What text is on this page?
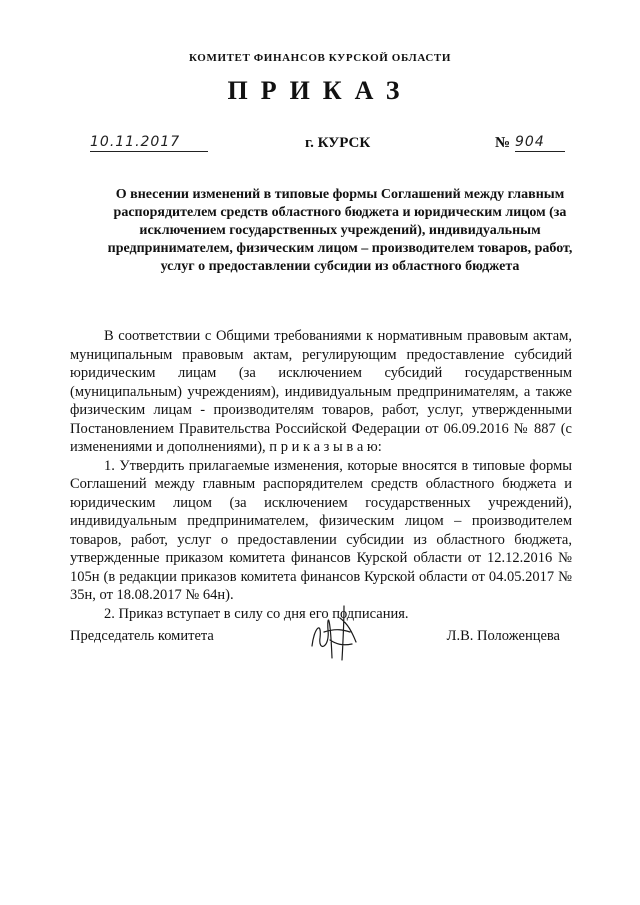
КОМИТЕТ ФИНАНСОВ КУРСКОЙ ОБЛАСТИ
ПРИКАЗ
10.11.2017	г. КУРСК	№ 904
О внесении изменений в типовые формы Соглашений между главным распорядителем средств областного бюджета и юридическим лицом (за исключением государственных учреждений), индивидуальным предпринимателем, физическим лицом – производителем товаров, работ, услуг о предоставлении субсидии из областного бюджета

В соответствии с Общими требованиями к нормативным правовым актам, муниципальным правовым актам, регулирующим предоставление субсидий юридическим лицам (за исключением субсидий государственным (муниципальным) учреждениям), индивидуальным предпринимателям, а также физическим лицам - производителям товаров, работ, услуг, утвержденными Постановлением Правительства Российской Федерации от 06.09.2016 № 887 (с изменениями и дополнениями), п р и к а з ы в а ю:

1. Утвердить прилагаемые изменения, которые вносятся в типовые формы Соглашений между главным распорядителем средств областного бюджета и юридическим лицом (за исключением государственных учреждений), индивидуальным предпринимателем, физическим лицом – производителем товаров, работ, услуг о предоставлении субсидии из областного бюджета, утвержденные приказом комитета финансов Курской области от 12.12.2016 № 105н (в редакции приказов комитета финансов Курской области от 04.05.2017 № 35н, от 18.08.2017 № 64н).

2. Приказ вступает в силу со дня его подписания.

Председатель комитета	Л.В. Положенцева
